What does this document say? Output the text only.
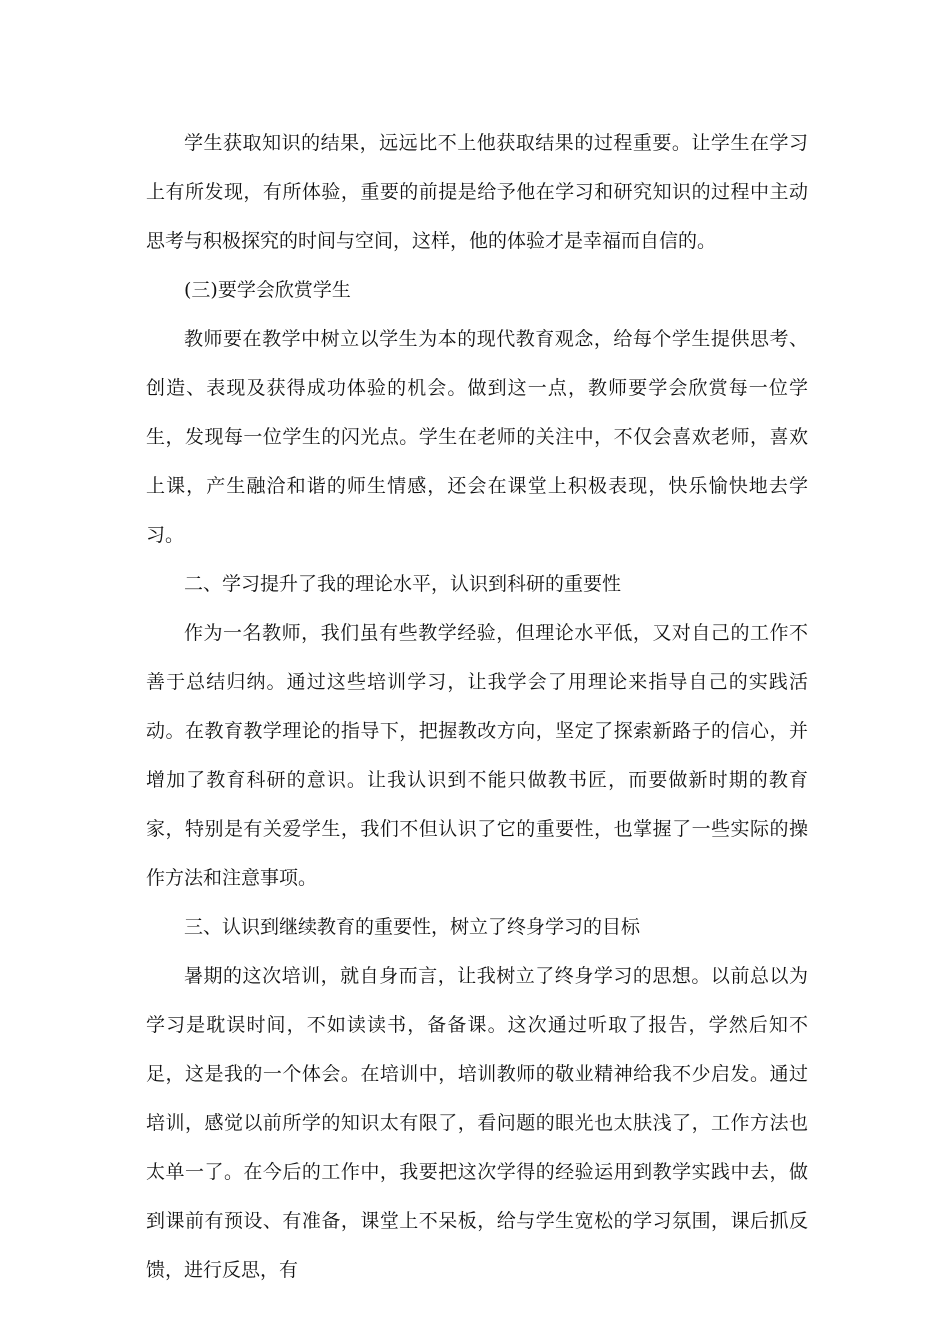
学生获取知识的结果，远远比不上他获取结果的过程重要。让学生在学习上有所发现，有所体验，重要的前提是给予他在学习和研究知识的过程中主动思考与积极探究的时间与空间，这样，他的体验才是幸福而自信的。

(三)要学会欣赏学生

教师要在教学中树立以学生为本的现代教育观念，给每个学生提供思考、创造、表现及获得成功体验的机会。做到这一点，教师要学会欣赏每一位学生，发现每一位学生的闪光点。学生在老师的关注中，不仅会喜欢老师，喜欢上课，产生融洽和谐的师生情感，还会在课堂上积极表现，快乐愉快地去学习。

二、学习提升了我的理论水平，认识到科研的重要性

作为一名教师，我们虽有些教学经验，但理论水平低，又对自己的工作不善于总结归纳。通过这些培训学习，让我学会了用理论来指导自己的实践活动。在教育教学理论的指导下，把握教改方向，坚定了探索新路子的信心，并增加了教育科研的意识。让我认识到不能只做教书匠，而要做新时期的教育家，特别是有关爱学生，我们不但认识了它的重要性，也掌握了一些实际的操作方法和注意事项。

三、认识到继续教育的重要性，树立了终身学习的目标

暑期的这次培训，就自身而言，让我树立了终身学习的思想。以前总以为学习是耽误时间，不如读读书，备备课。这次通过听取了报告，学然后知不足，这是我的一个体会。在培训中，培训教师的敬业精神给我不少启发。通过培训，感觉以前所学的知识太有限了，看问题的眼光也太肤浅了，工作方法也太单一了。在今后的工作中，我要把这次学得的经验运用到教学实践中去，做到课前有预设、有准备，课堂上不呆板，给与学生宽松的学习氛围，课后抓反馈，进行反思，有
